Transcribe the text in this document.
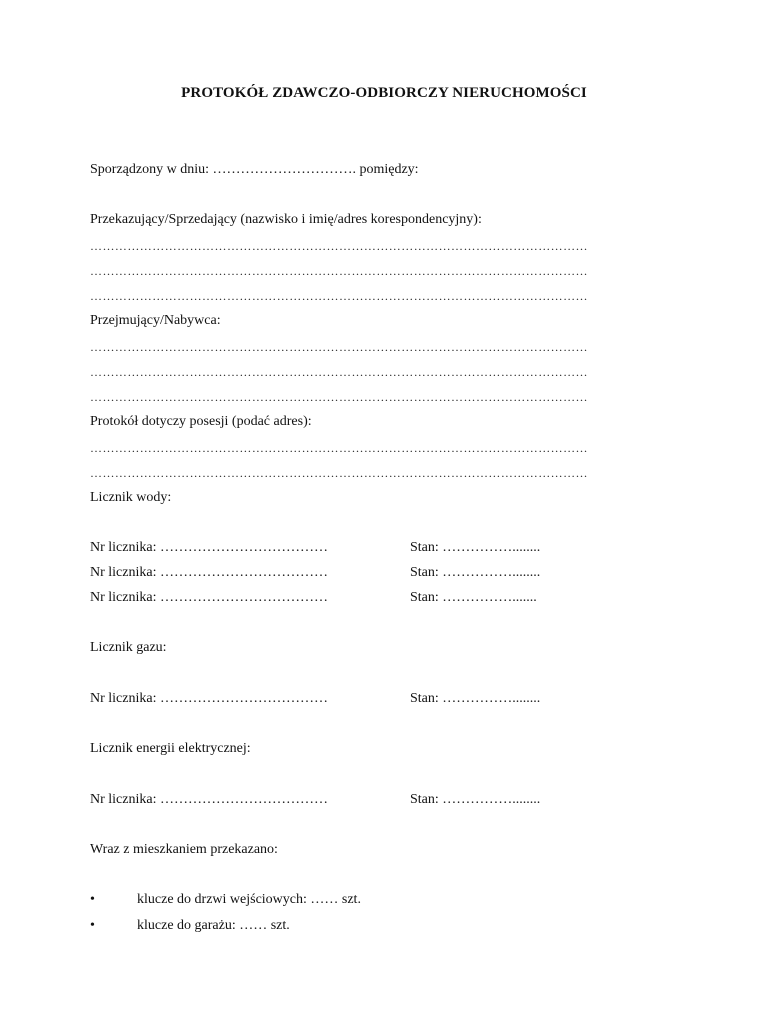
PROTOKÓŁ ZDAWCZO-ODBIORCZY NIERUCHOMOŚCI
Sporządzony w dniu: …………………………. pomiędzy:
Przekazujący/Sprzedający (nazwisko i imię/adres korespondencyjny):
…………………………………………………………………………………………………………
…………………………………………………………………………………………………………
…………………………………………………………………………………………………………
Przejmujący/Nabywca:
…………………………………………………………………………………………………………
…………………………………………………………………………………………………………
…………………………………………………………………………………………………………
Protokół dotyczy posesji (podać adres):
…………………………………………………………………………………………………………
…………………………………………………………………………………………………………
Licznik wody:
Nr licznika: ………………………………	Stan: ……………........
Nr licznika: ………………………………	Stan: ……………........
Nr licznika: ………………………………	Stan: …………….......
Licznik gazu:
Nr licznika: ………………………………	Stan: ……………........
Licznik energii elektrycznej:
Nr licznika: ………………………………	Stan: ……………........
Wraz z mieszkaniem przekazano:
•	klucze do drzwi wejściowych: …… szt.
•	klucze do garażu: …… szt.
